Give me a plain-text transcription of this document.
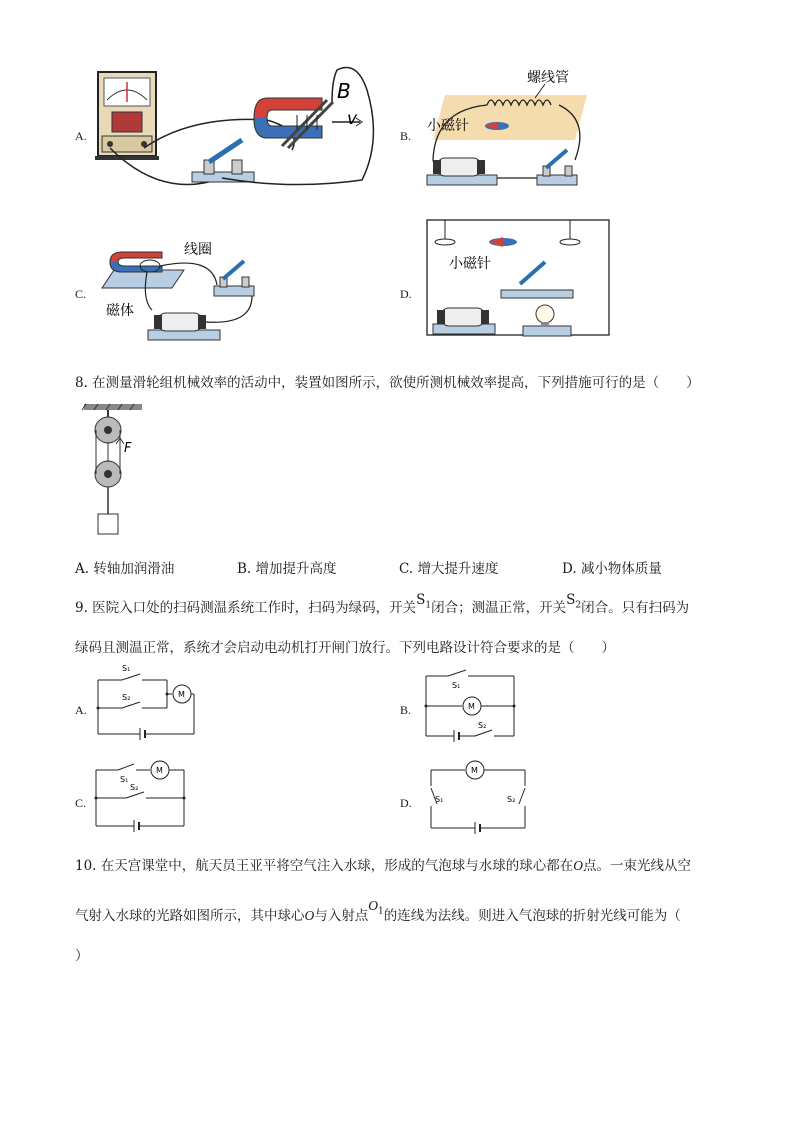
A.
B
v
B.
螺线管
小磁针
C.
线圈
磁体
D.
小磁针
8. 在测量滑轮组机械效率的活动中，装置如图所示，欲使所测机械效率提高，下列措施可行的是（　　）
F
A. 转轴加润滑油	B. 增加提升高度	C. 增大提升速度	D. 减小物体质量
9. 医院入口处的扫码测温系统工作时，扫码为绿码，开关$S_1$闭合；测温正常，开关$S_2$闭合。只有扫码为
绿码且测温正常，系统才会启动电动机打开闸门放行。下列电路设计符合要求的是（　　）
A.
S₁
S₂	M
B.
S₁
S₂
M
C.
S₁
S₂
M
D.	S₁	S₂
M
10. 在天宫课堂中，航天员王亚平将空气注入水球，形成的气泡球与水球的球心都在O点。一束光线从空
气射入水球的光路如图所示，其中球心O与入射点$O_1$的连线为法线。则进入气泡球的折射光线可能为（
）
